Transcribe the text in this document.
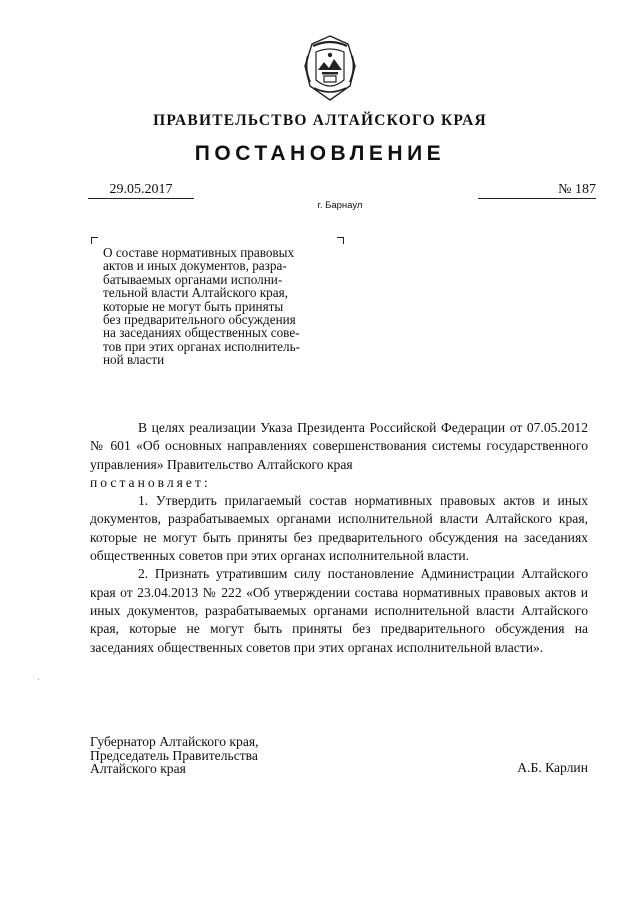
ПРАВИТЕЛЬСТВО АЛТАЙСКОГО КРАЯ
ПОСТАНОВЛЕНИЕ
29.05.2017	№ 187
г. Барнаул
О составе нормативных правовых
актов и иных документов, разра-
батываемых органами исполни-
тельной власти Алтайского края,
которые не могут быть приняты
без предварительного обсуждения
на заседаниях общественных сове-
тов при этих органах исполнитель-
ной власти

В целях реализации Указа Президента Российской Федерации от 07.05.2012 № 601 «Об основных направлениях совершенствования системы государственного управления» Правительство Алтайского края

постановляет:

1. Утвердить прилагаемый состав нормативных правовых актов и иных документов, разрабатываемых органами исполнительной власти Алтайского края, которые не могут быть приняты без предварительного обсуждения на заседаниях общественных советов при этих органах исполнительной власти.

2. Признать утратившим силу постановление Администрации Алтайского края от 23.04.2013 № 222 «Об утверждении состава нормативных правовых актов и иных документов, разрабатываемых органами исполнительной власти Алтайского края, которые не могут быть приняты без предварительного обсуждения на заседаниях общественных советов при этих органах исполнительной власти».

Губернатор Алтайского края,
Председатель Правительства
Алтайского края	А.Б. Карлин
